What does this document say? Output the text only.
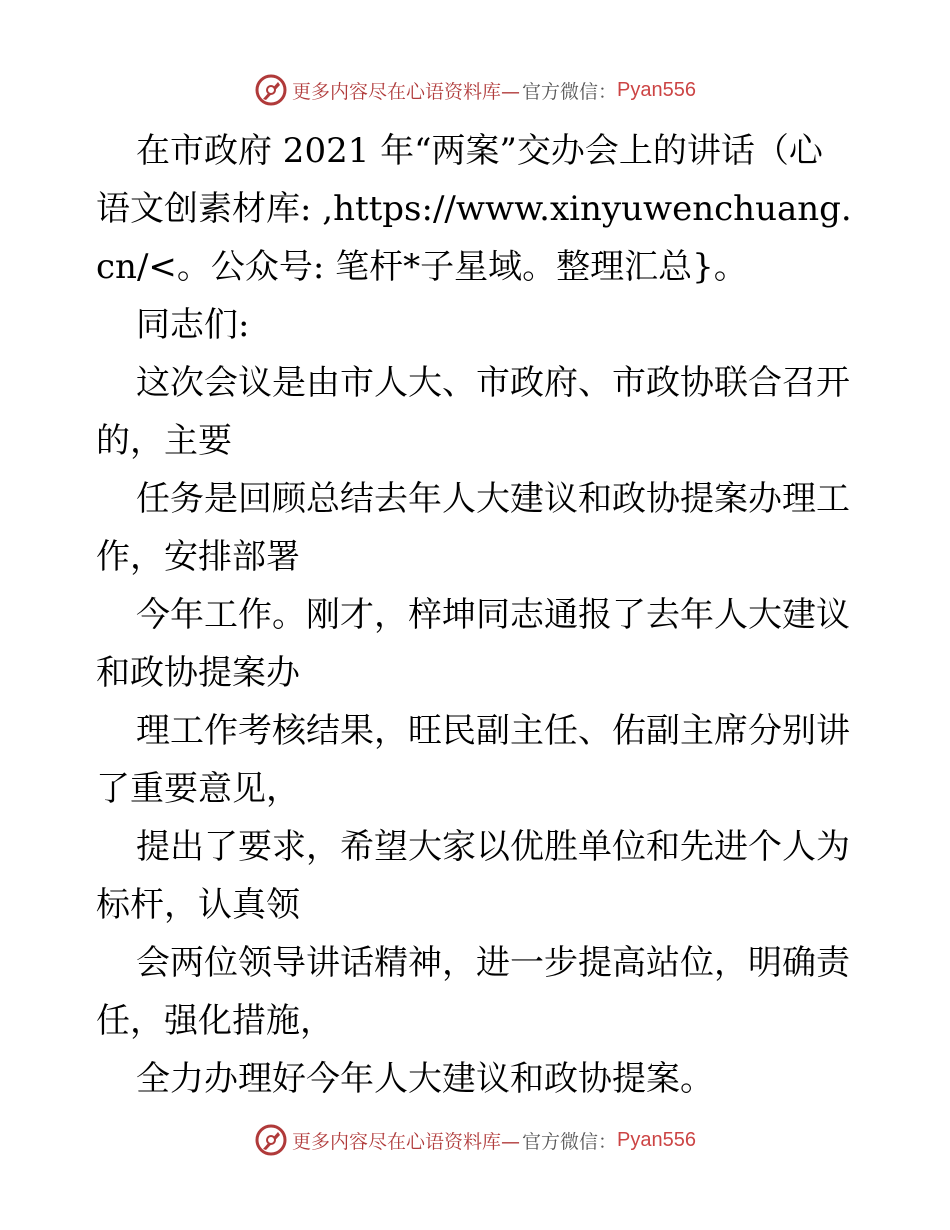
更多内容尽在心语资料库— 官方微信： Pyan556

在市政府 2021 年“两案”交办会上的讲话（心语文创素材库: ,https://www.xinyuwenchuang.cn/<。公众号: 笔杆*子星域。整理汇总}。

同志们:

这次会议是由市人大、市政府、市政协联合召开的，主要

任务是回顾总结去年人大建议和政协提案办理工作，安排部署

今年工作。刚才，梓坤同志通报了去年人大建议和政协提案办

理工作考核结果，旺民副主任、佑副主席分别讲了重要意见，

提出了要求，希望大家以优胜单位和先进个人为标杆，认真领

会两位领导讲话精神，进一步提高站位，明确责任，强化措施，

全力办理好今年人大建议和政协提案。

更多内容尽在心语资料库— 官方微信： Pyan556
